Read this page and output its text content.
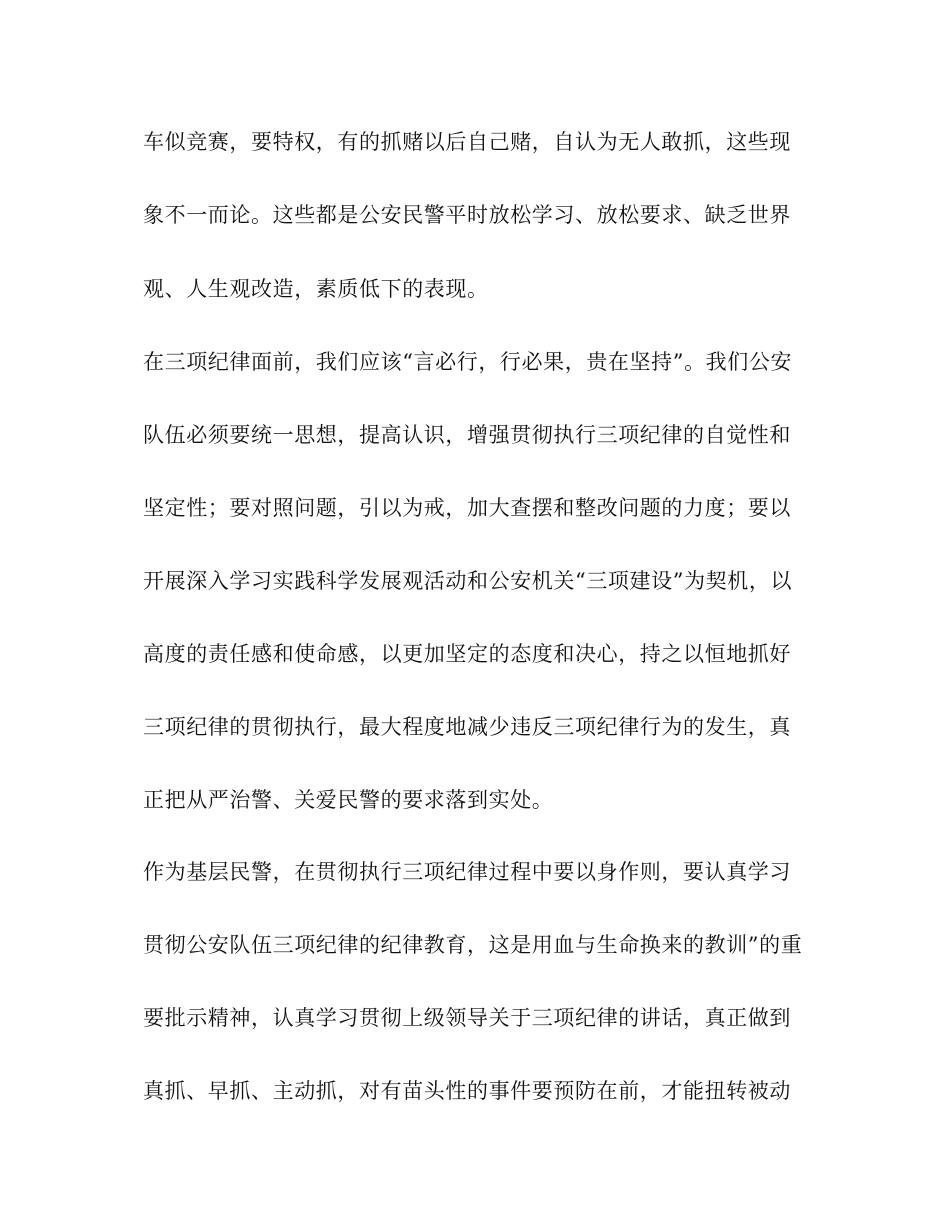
车似竞赛，要特权，有的抓赌以后自己赌，自认为无人敢抓，这些现
象不一而论。这些都是公安民警平时放松学习、放松要求、缺乏世界
观、人生观改造，素质低下的表现。
在三项纪律面前，我们应该“言必行，行必果，贵在坚持”。我们公安
队伍必须要统一思想，提高认识，增强贯彻执行三项纪律的自觉性和
坚定性；要对照问题，引以为戒，加大查摆和整改问题的力度；要以
开展深入学习实践科学发展观活动和公安机关“三项建设”为契机，以
高度的责任感和使命感，以更加坚定的态度和决心，持之以恒地抓好
三项纪律的贯彻执行，最大程度地减少违反三项纪律行为的发生，真
正把从严治警、关爱民警的要求落到实处。
作为基层民警，在贯彻执行三项纪律过程中要以身作则，要认真学习
贯彻公安队伍三项纪律的纪律教育，这是用血与生命换来的教训”的重
要批示精神，认真学习贯彻上级领导关于三项纪律的讲话，真正做到
真抓、早抓、主动抓，对有苗头性的事件要预防在前，才能扭转被动
